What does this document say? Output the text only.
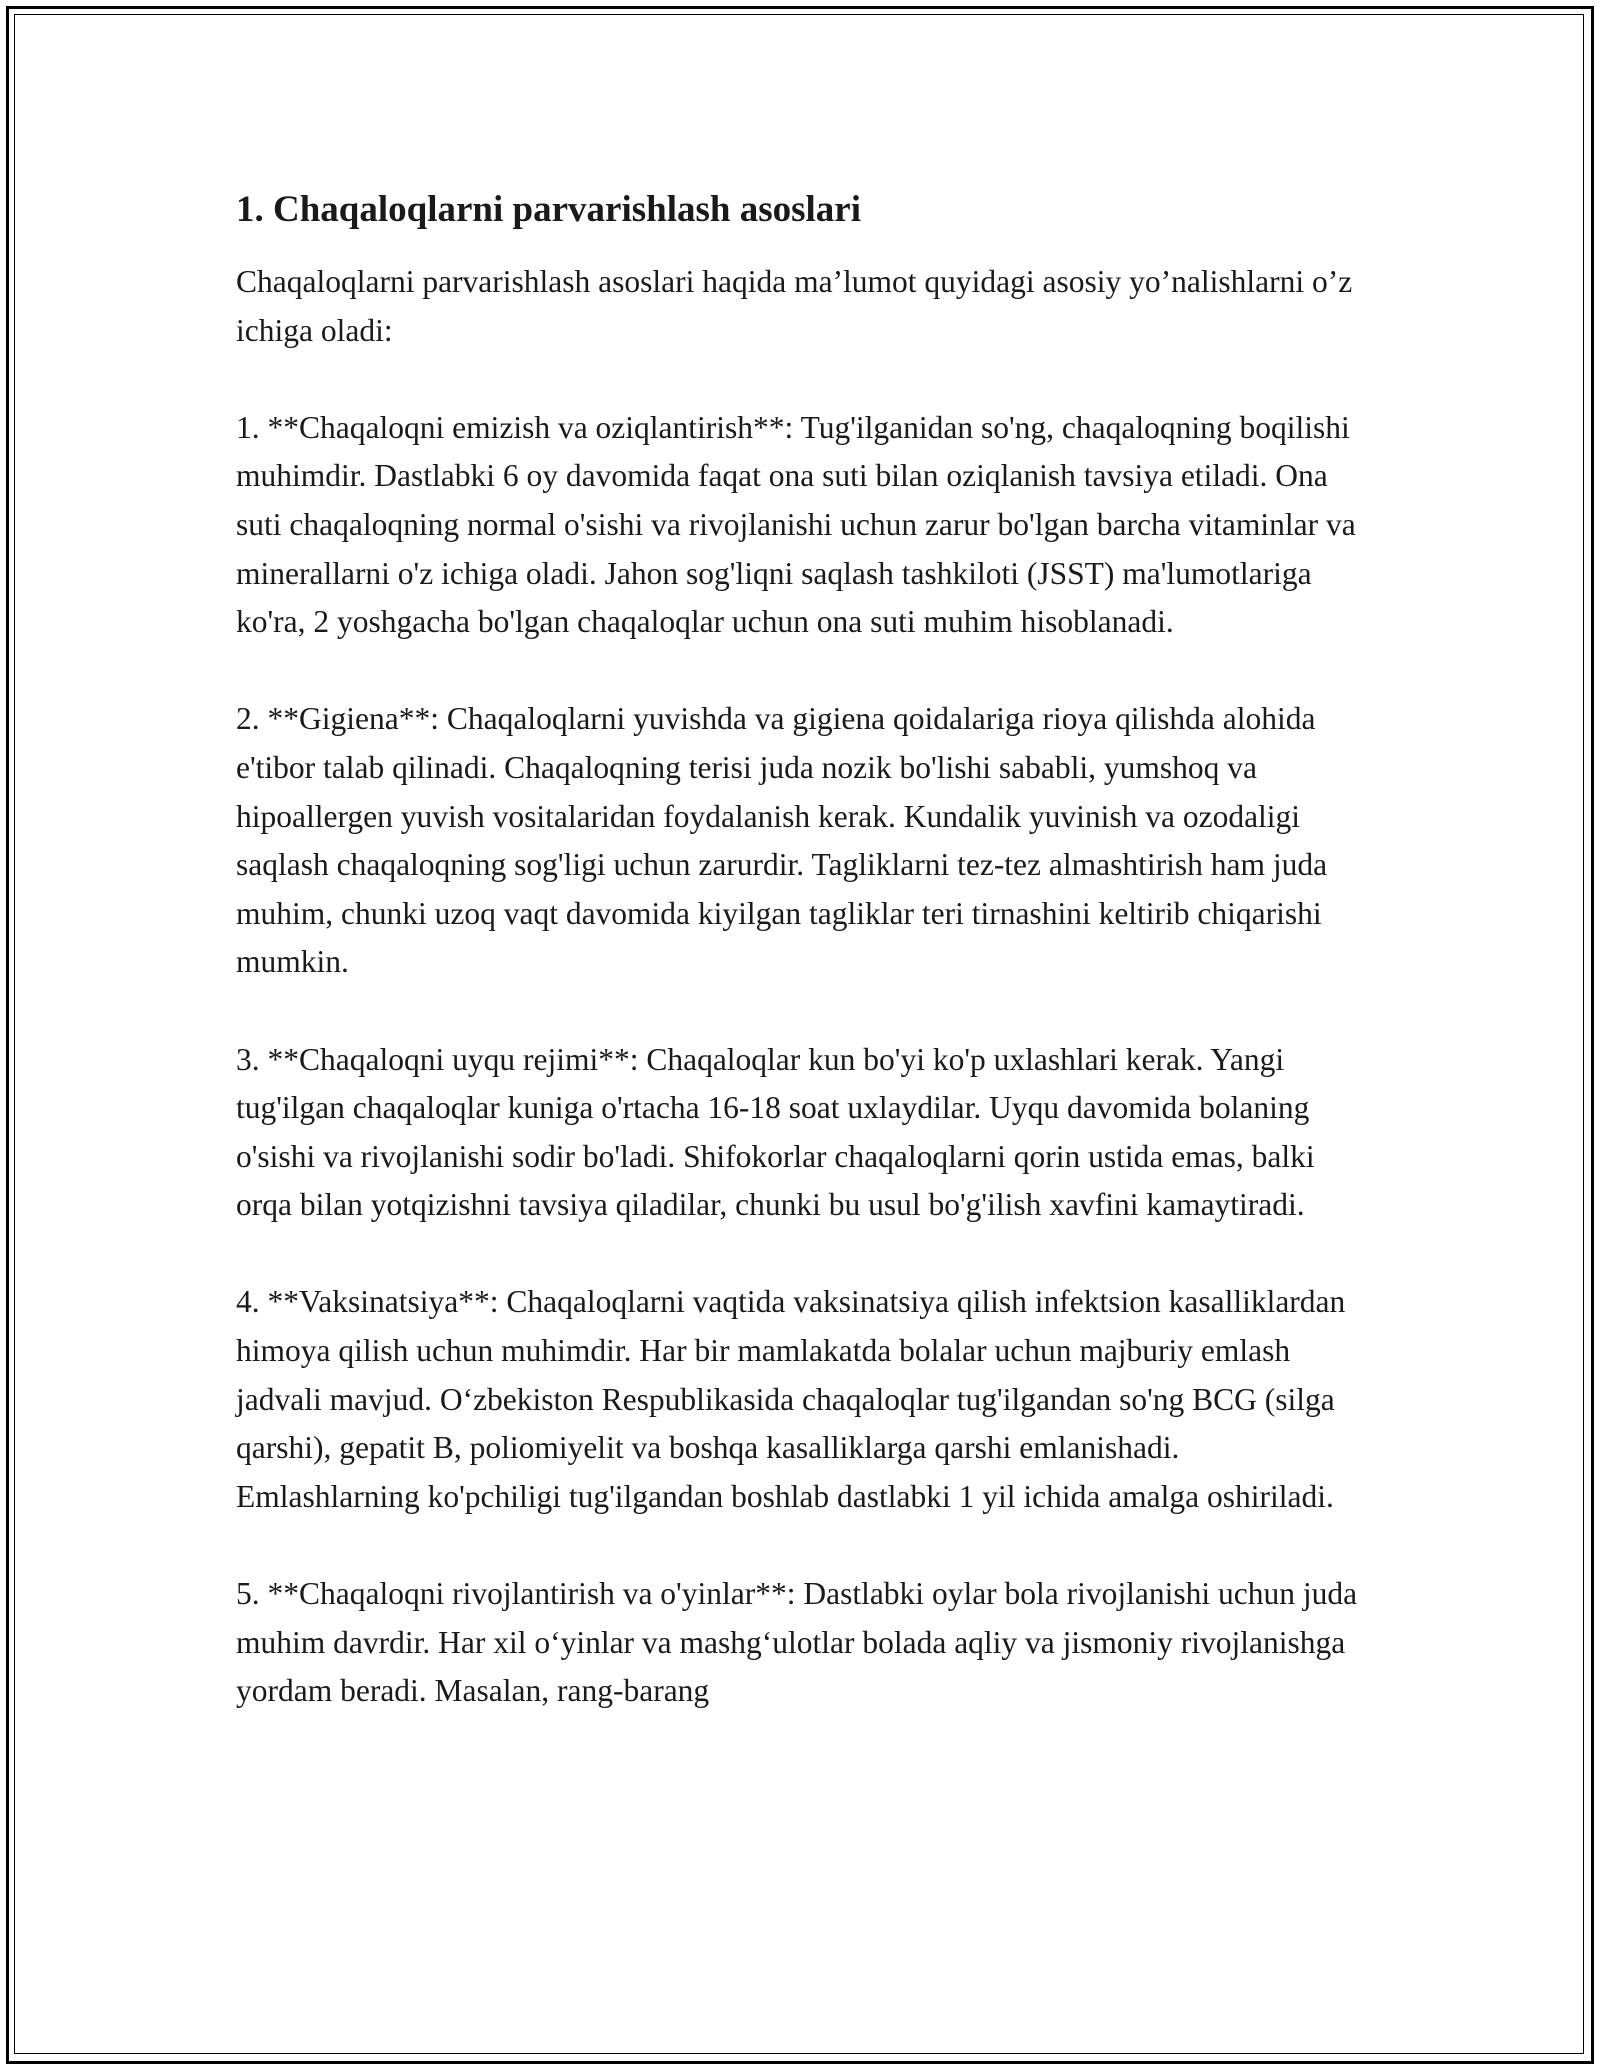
1. Chaqaloqlarni parvarishlash asoslari

Chaqaloqlarni parvarishlash asoslari haqida ma’lumot quyidagi asosiy yo’nalishlarni o’z ichiga oladi:

1. **Chaqaloqni emizish va oziqlantirish**: Tug'ilganidan so'ng, chaqaloqning boqilishi muhimdir. Dastlabki 6 oy davomida faqat ona suti bilan oziqlanish tavsiya etiladi. Ona suti chaqaloqning normal o'sishi va rivojlanishi uchun zarur bo'lgan barcha vitaminlar va minerallarni o'z ichiga oladi. Jahon sog'liqni saqlash tashkiloti (JSST) ma'lumotlariga ko'ra, 2 yoshgacha bo'lgan chaqaloqlar uchun ona suti muhim hisoblanadi.

2. **Gigiena**: Chaqaloqlarni yuvishda va gigiena qoidalariga rioya qilishda alohida e'tibor talab qilinadi. Chaqaloqning terisi juda nozik bo'lishi sababli, yumshoq va hipoallergen yuvish vositalaridan foydalanish kerak. Kundalik yuvinish va ozodaligi saqlash chaqaloqning sog'ligi uchun zarurdir. Tagliklarni tez-tez almashtirish ham juda muhim, chunki uzoq vaqt davomida kiyilgan tagliklar teri tirnashini keltirib chiqarishi mumkin.

3. **Chaqaloqni uyqu rejimi**: Chaqaloqlar kun bo'yi ko'p uxlashlari kerak. Yangi tug'ilgan chaqaloqlar kuniga o'rtacha 16-18 soat uxlaydilar. Uyqu davomida bolaning o'sishi va rivojlanishi sodir bo'ladi. Shifokorlar chaqaloqlarni qorin ustida emas, balki orqa bilan yotqizishni tavsiya qiladilar, chunki bu usul bo'g'ilish xavfini kamaytiradi.

4. **Vaksinatsiya**: Chaqaloqlarni vaqtida vaksinatsiya qilish infektsion kasalliklardan himoya qilish uchun muhimdir. Har bir mamlakatda bolalar uchun majburiy emlash jadvali mavjud. O‘zbekiston Respublikasida chaqaloqlar tug'ilgandan so'ng BCG (silga qarshi), gepatit B, poliomiyelit va boshqa kasalliklarga qarshi emlanishadi. Emlashlarning ko'pchiligi tug'ilgandan boshlab dastlabki 1 yil ichida amalga oshiriladi.

5. **Chaqaloqni rivojlantirish va o'yinlar**: Dastlabki oylar bola rivojlanishi uchun juda muhim davrdir. Har xil o‘yinlar va mashg‘ulotlar bolada aqliy va jismoniy rivojlanishga yordam beradi. Masalan, rang-barang
